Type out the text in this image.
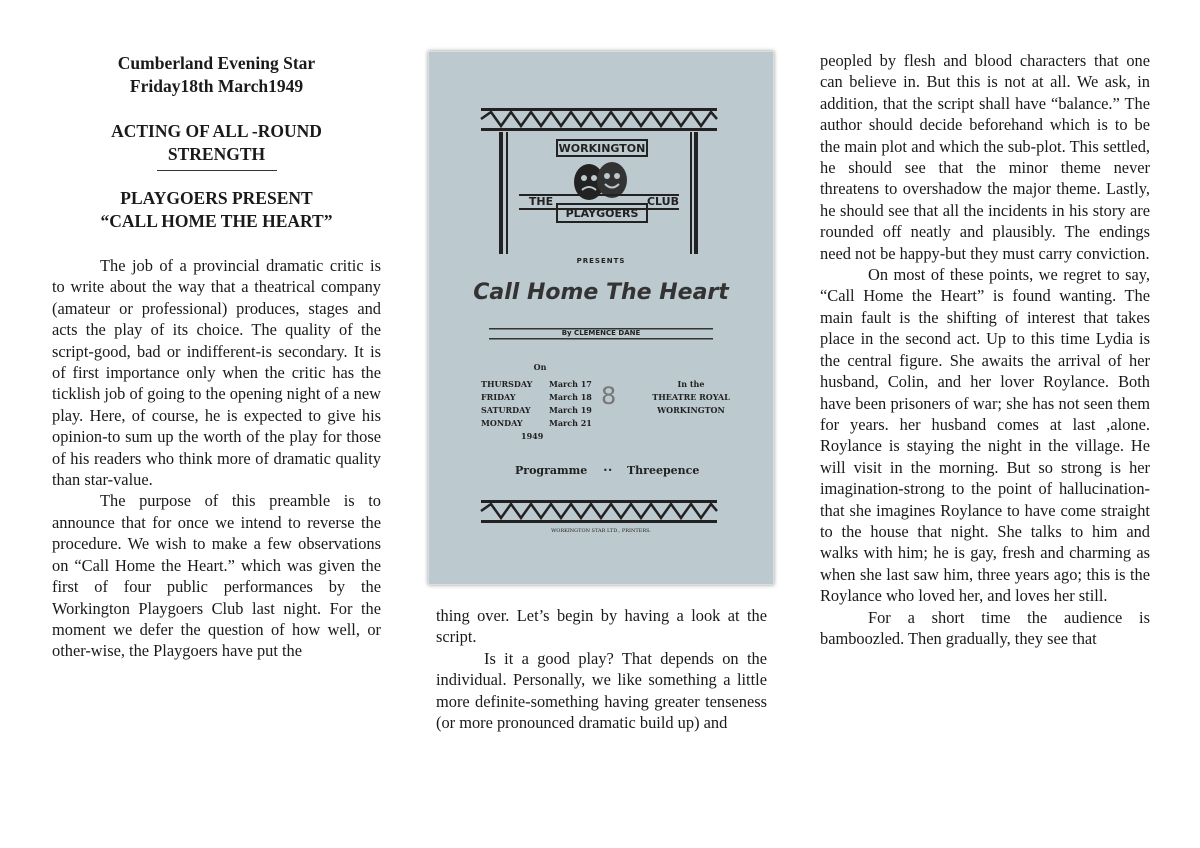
Cumberland Evening Star

Friday18th March1949

ACTING OF ALL -ROUND

STRENGTH

PLAYGOERS PRESENT

“CALL HOME THE HEART”

The job of a provincial dramatic critic is to write about the way that a theatrical company (amateur or professional) produces, stages and acts the play of its choice. The quality of the script-good, bad or indifferent-is secondary. It is of first importance only when the critic has the ticklish job of going to the opening night of a new play. Here, of course, he is expected to give his opinion-to sum up the worth of the play for those of his readers who think more of dramatic quality than star-value.

The purpose of this preamble is to announce that for once we intend to reverse the procedure. We wish to make a few observations on “Call Home the Heart.” which was given the first of four public performances by the Workington Playgoers Club last night. For the moment we defer the question of how well, or other-wise, the Playgoers have put the

WORKINGTON
THE	CLUB
PLAYGOERS
PRESENTS
Call Home The Heart
By CLEMENCE DANE
On
THURSDAY March 17
FRIDAY	March 18
SATURDAY March 19
MONDAY	March 21
1949
8	In the
THEATRE ROYAL
WORKINGTON
Programme •• Threepence
WORKINGTON STAR LTD., PRINTERS.

thing over. Let’s begin by having a look at the script.

Is it a good play? That depends on the individual. Personally, we like something a little more definite-something having greater tenseness (or more pronounced dramatic build up) and

peopled by flesh and blood characters that one can believe in. But this is not at all. We ask, in addition, that the script shall have “balance.” The author should decide beforehand which is to be the main plot and which the sub-plot. This settled, he should see that the minor theme never threatens to overshadow the major theme. Lastly, he should see that all the incidents in his story are rounded off neatly and plausibly. The endings need not be happy-but they must carry conviction.

On most of these points, we regret to say, “Call Home the Heart” is found wanting. The main fault is the shifting of interest that takes place in the second act. Up to this time Lydia is the central figure. She awaits the arrival of her husband, Colin, and her lover Roylance. Both have been prisoners of war; she has not seen them for years. her husband comes at last ,alone. Roylance is staying the night in the village. He will visit in the morning. But so strong is her imagination-strong to the point of hallucination-that she imagines Roylance to have come straight to the house that night. She talks to him and walks with him; he is gay, fresh and charming as when she last saw him, three years ago; this is the Roylance who loved her, and loves her still.

For a short time the audience is bamboozled. Then gradually, they see that
